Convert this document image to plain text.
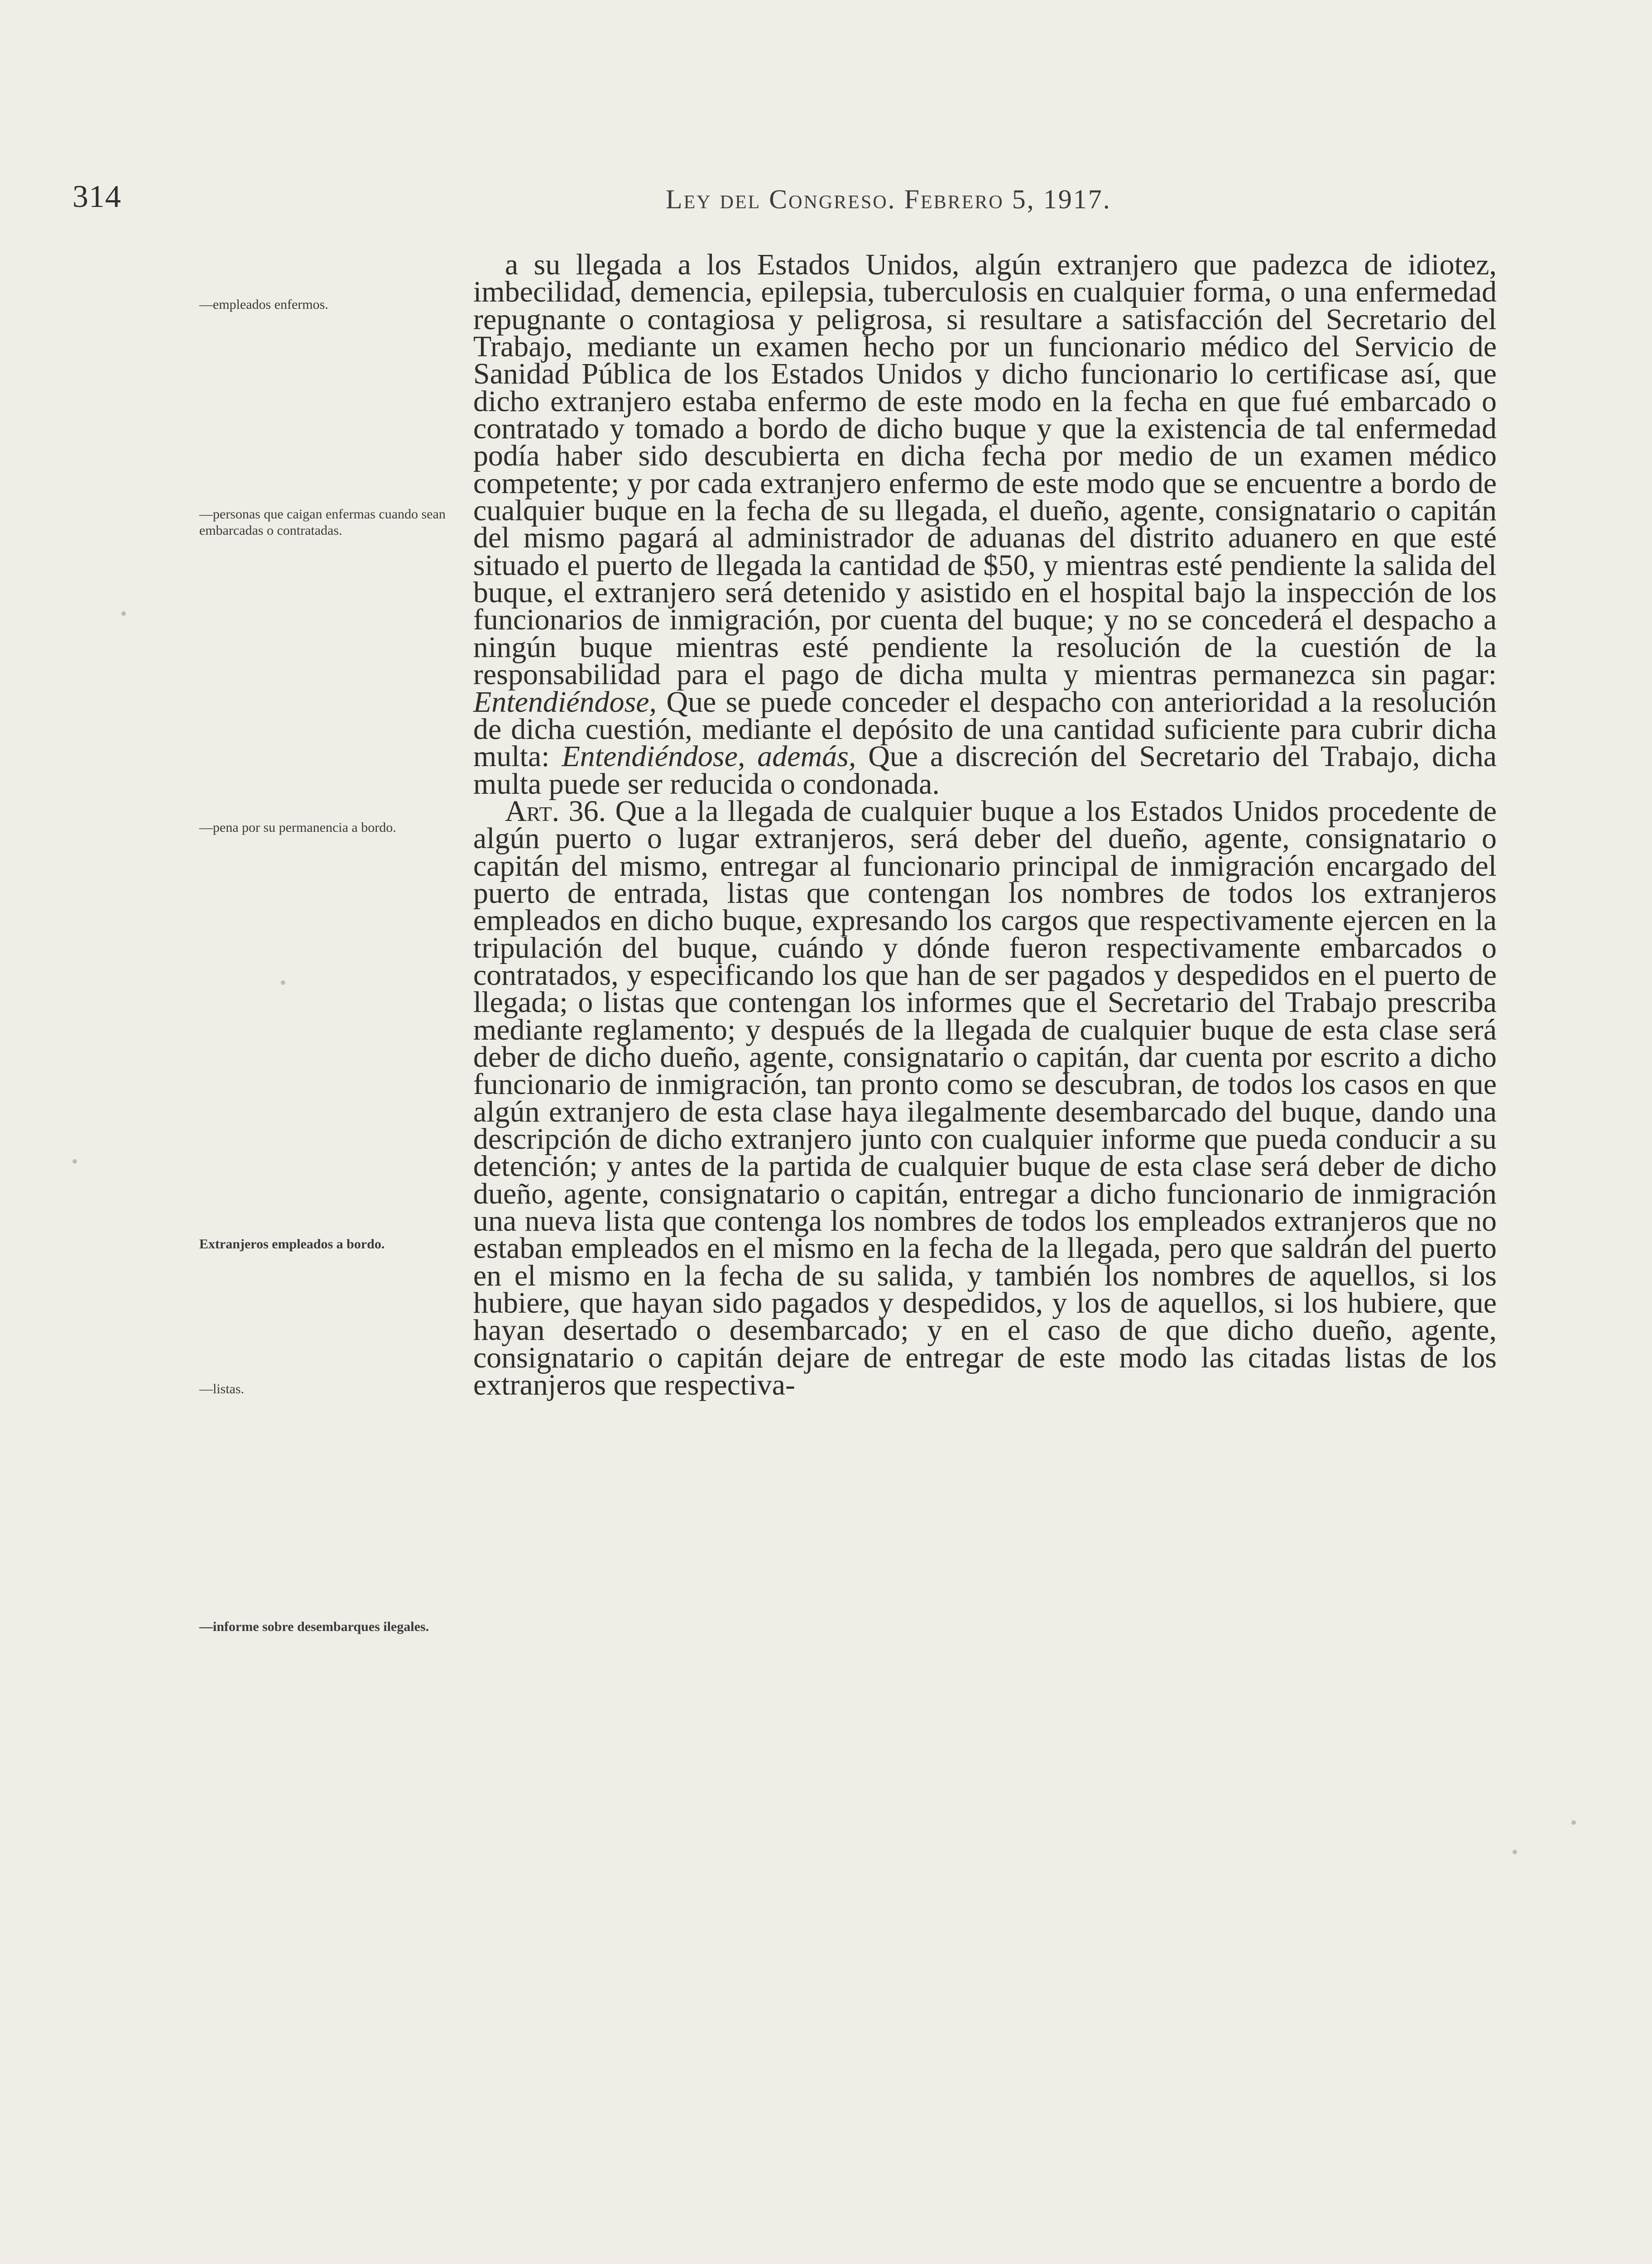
314	Ley del Congreso. Febrero 5, 1917.
—empleados enfermos.
—personas que caigan enfermas cuando sean embarcadas o contratadas.
—pena por su permanencia a bordo.
Extranjeros empleados a bordo.
—listas.
—informe sobre desembarques ilegales.

a su llegada a los Estados Unidos, algún extranjero que padezca de idiotez, imbecilidad, demencia, epilepsia, tuberculosis en cualquier forma, o una enfermedad repugnante o contagiosa y peligrosa, si resultare a satisfacción del Secretario del Trabajo, mediante un examen hecho por un funcionario médico del Servicio de Sanidad Pública de los Estados Unidos y dicho funcionario lo certificase así, que dicho extranjero estaba enfermo de este modo en la fecha en que fué embarcado o contratado y tomado a bordo de dicho buque y que la existencia de tal enfermedad podía haber sido descubierta en dicha fecha por medio de un examen médico competente; y por cada extranjero enfermo de este modo que se encuentre a bordo de cualquier buque en la fecha de su llegada, el dueño, agente, consignatario o capitán del mismo pagará al administrador de aduanas del distrito aduanero en que esté situado el puerto de llegada la cantidad de $50, y mientras esté pendiente la salida del buque, el extranjero será detenido y asistido en el hospital bajo la inspección de los funcionarios de inmigración, por cuenta del buque; y no se concederá el despacho a ningún buque mientras esté pendiente la resolución de la cuestión de la responsabilidad para el pago de dicha multa y mientras permanezca sin pagar: Entendiéndose, Que se puede conceder el despacho con anterioridad a la resolución de dicha cuestión, mediante el depósito de una cantidad suficiente para cubrir dicha multa: Entendiéndose, además, Que a discreción del Secretario del Trabajo, dicha multa puede ser reducida o condonada.

Art. 36. Que a la llegada de cualquier buque a los Estados Unidos procedente de algún puerto o lugar extranjeros, será deber del dueño, agente, consignatario o capitán del mismo, entregar al funcionario principal de inmigración encargado del puerto de entrada, listas que contengan los nombres de todos los extranjeros empleados en dicho buque, expresando los cargos que respectivamente ejercen en la tripulación del buque, cuándo y dónde fueron respectivamente embarcados o contratados, y especificando los que han de ser pagados y despedidos en el puerto de llegada; o listas que contengan los informes que el Secretario del Trabajo prescriba mediante reglamento; y después de la llegada de cualquier buque de esta clase será deber de dicho dueño, agente, consignatario o capitán, dar cuenta por escrito a dicho funcionario de inmigración, tan pronto como se descubran, de todos los casos en que algún extranjero de esta clase haya ilegalmente desembarcado del buque, dando una descripción de dicho extranjero junto con cualquier informe que pueda conducir a su detención; y antes de la partida de cualquier buque de esta clase será deber de dicho dueño, agente, consignatario o capitán, entregar a dicho funcionario de inmigración una nueva lista que contenga los nombres de todos los empleados extranjeros que no estaban empleados en el mismo en la fecha de la llegada, pero que saldrán del puerto en el mismo en la fecha de su salida, y también los nombres de aquellos, si los hubiere, que hayan sido pagados y despedidos, y los de aquellos, si los hubiere, que hayan desertado o desembarcado; y en el caso de que dicho dueño, agente, consignatario o capitán dejare de entregar de este modo las citadas listas de los extranjeros que respectiva-
